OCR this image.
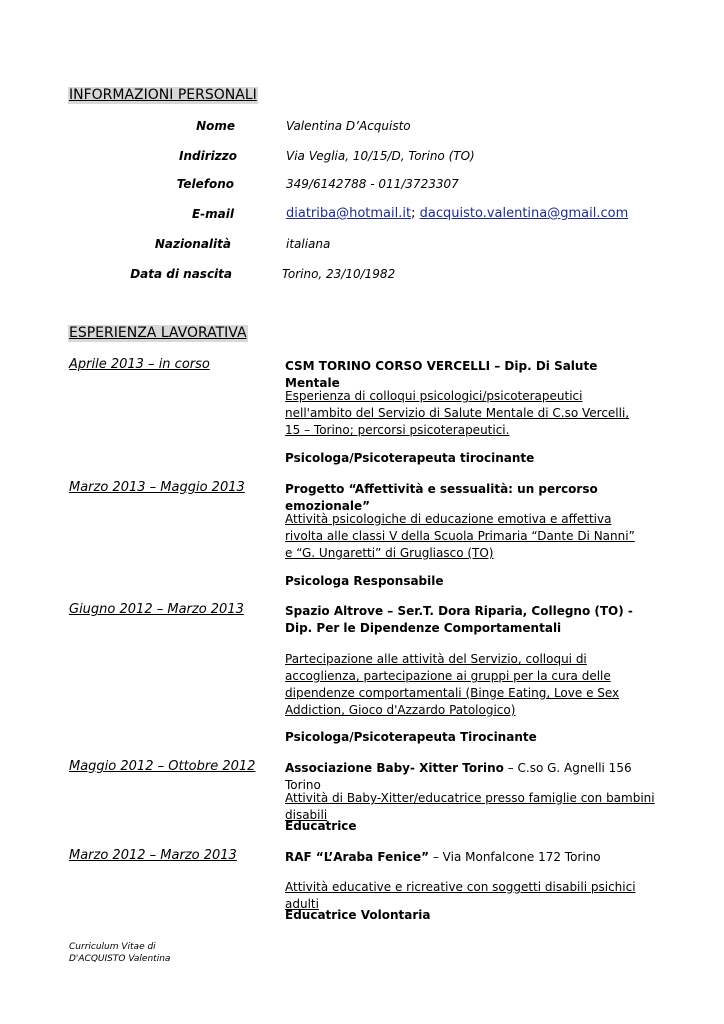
INFORMAZIONI PERSONALI
Nome	Valentina D’Acquisto
Indirizzo	Via Veglia, 10/15/D, Torino (TO)
Telefono	349/6142788 - 011/3723307
E-mail	diatriba@hotmail.it; dacquisto.valentina@gmail.com
Nazionalità	italiana
Data di nascita	Torino, 23/10/1982
ESPERIENZA LAVORATIVA
Aprile 2013 – in corso	CSM TORINO CORSO VERCELLI – Dip. Di Salute Mentale
Esperienza di colloqui psicologici/psicoterapeutici nell'ambito del Servizio di Salute Mentale di C.so Vercelli, 15 – Torino; percorsi psicoterapeutici.
Psicologa/Psicoterapeuta tirocinante
Marzo 2013 – Maggio 2013	Progetto “Affettività e sessualità: un percorso emozionale”
Attività psicologiche di educazione emotiva e affettiva rivolta alle classi V della Scuola Primaria “Dante Di Nanni” e “G. Ungaretti” di Grugliasco (TO)
Psicologa Responsabile
Giugno 2012 – Marzo 2013	Spazio Altrove – Ser.T. Dora Riparia, Collegno (TO) - Dip. Per le Dipendenze Comportamentali
Partecipazione alle attività del Servizio, colloqui di accoglienza, partecipazione ai gruppi per la cura delle dipendenze comportamentali (Binge Eating, Love e Sex Addiction, Gioco d'Azzardo Patologico)
Psicologa/Psicoterapeuta Tirocinante
Maggio 2012 – Ottobre 2012 Associazione Baby- Xitter Torino – C.so G. Agnelli 156 Torino
Attività di Baby-Xitter/educatrice presso famiglie con bambini disabili
Educatrice
Marzo 2012 – Marzo 2013	RAF “L’Araba Fenice” – Via Monfalcone 172 Torino
Attività educative e ricreative con soggetti disabili psichici adulti
Educatrice Volontaria
Curriculum Vitae di
D'ACQUISTO Valentina
